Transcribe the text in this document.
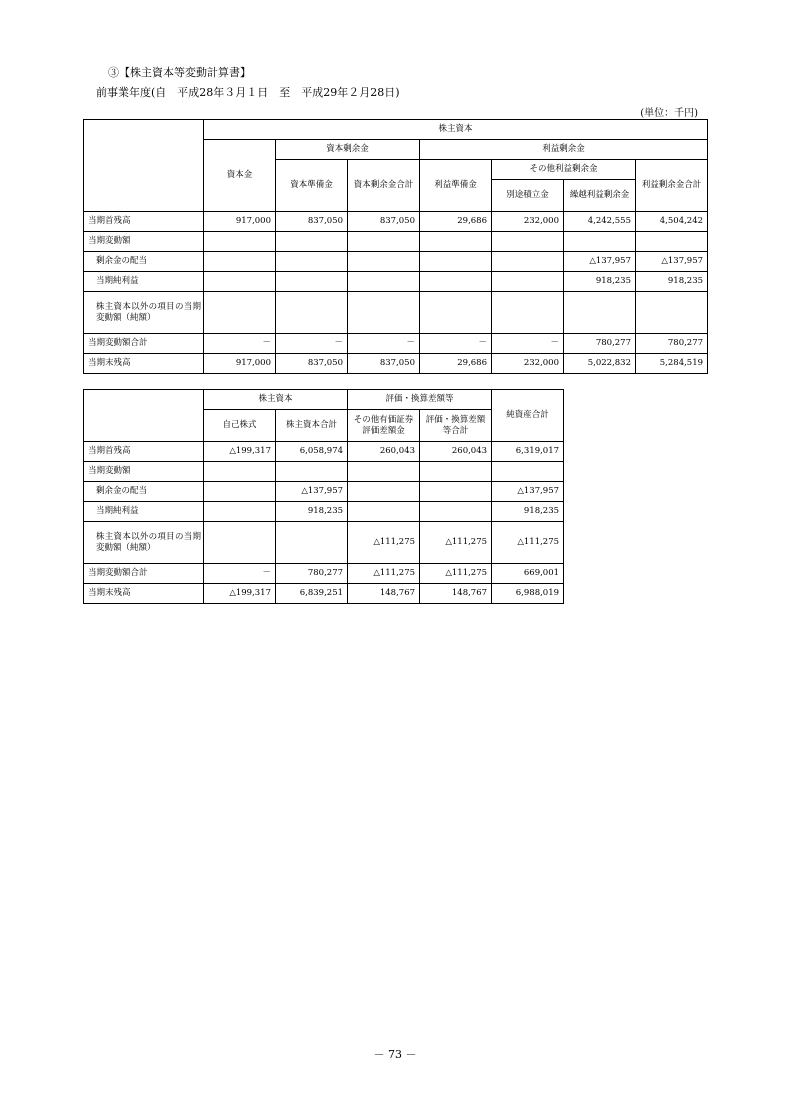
③【株主資本等変動計算書】
前事業年度(自　平成28年３月１日　至　平成29年２月28日)
(単位：千円)
	株主資本						
	資本金	資本剰余金		利益剰余金			
		資本準備金	資本剰余金合計	利益準備金	その他利益剰余金		利益剰余金合計
					別途積立金	繰越利益剰余金	
当期首残高	917,000	837,050	837,050	29,686	232,000	4,242,555	4,504,242
当期変動額							
剰余金の配当						△137,957	△137,957
当期純利益						918,235	918,235
株主資本以外の項目の当期変動額（純額）							
当期変動額合計	－	－	－	－	－	780,277	780,277
当期末残高	917,000	837,050	837,050	29,686	232,000	5,022,832	5,284,519
	株主資本		評価・換算差額等		純資産合計
	自己株式	株主資本合計	その他有価証券評価差額金	評価・換算差額等合計	
当期首残高	△199,317	6,058,974	260,043	260,043	6,319,017
当期変動額					
剰余金の配当		△137,957			△137,957
当期純利益		918,235			918,235
株主資本以外の項目の当期変動額（純額）			△111,275	△111,275	△111,275
当期変動額合計	－	780,277	△111,275	△111,275	669,001
当期末残高	△199,317	6,839,251	148,767	148,767	6,988,019
－ 73 －
